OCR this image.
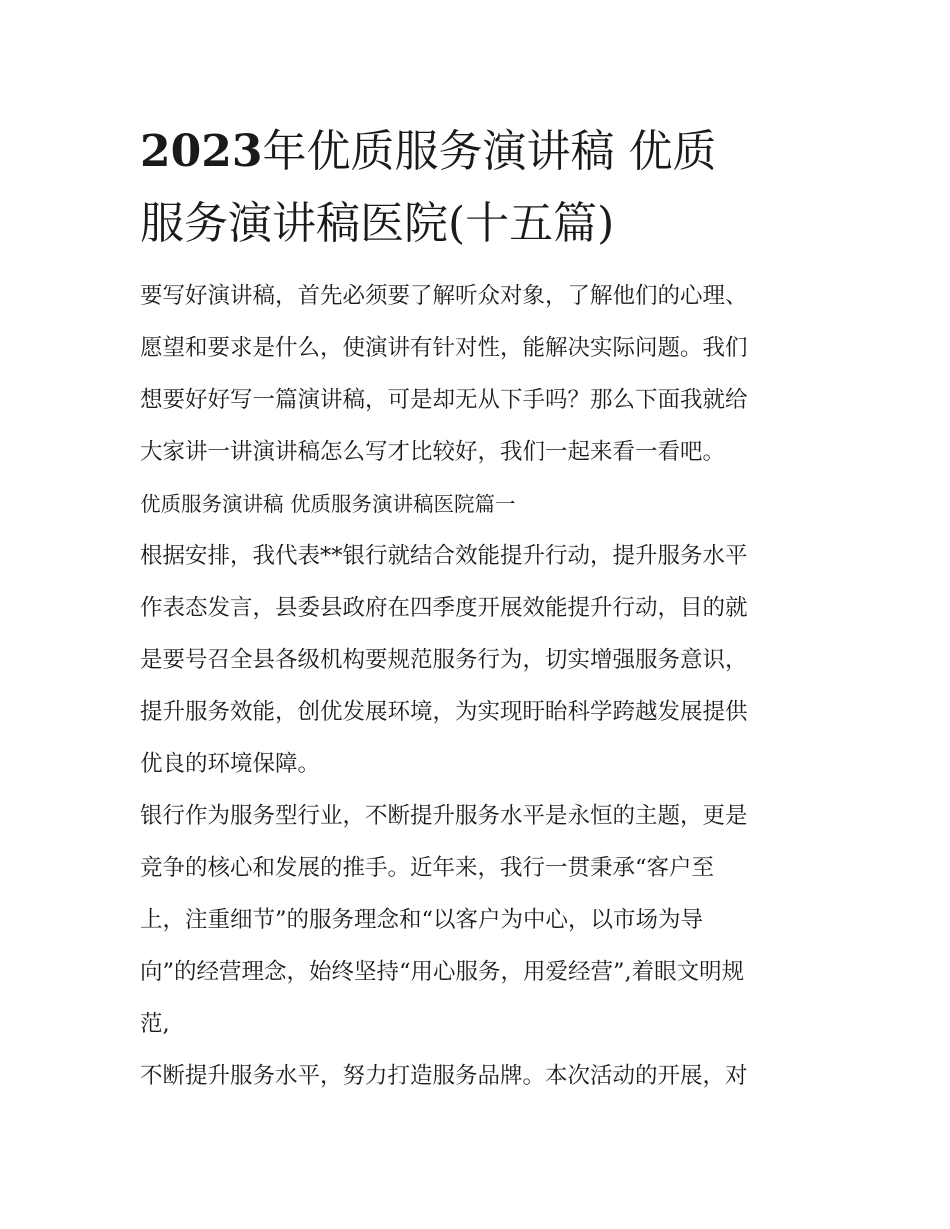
2023年优质服务演讲稿 优质
服务演讲稿医院(十五篇)
要写好演讲稿，首先必须要了解听众对象，了解他们的心理、
愿望和要求是什么，使演讲有针对性，能解决实际问题。我们
想要好好写一篇演讲稿，可是却无从下手吗？那么下面我就给
大家讲一讲演讲稿怎么写才比较好，我们一起来看一看吧。
优质服务演讲稿 优质服务演讲稿医院篇一
根据安排，我代表**银行就结合效能提升行动，提升服务水平
作表态发言，县委县政府在四季度开展效能提升行动，目的就
是要号召全县各级机构要规范服务行为，切实增强服务意识，
提升服务效能，创优发展环境，为实现盱眙科学跨越发展提供
优良的环境保障。
银行作为服务型行业，不断提升服务水平是永恒的主题，更是
竞争的核心和发展的推手。近年来，我行一贯秉承“客户至
上，注重细节”的服务理念和“以客户为中心，以市场为导
向”的经营理念，始终坚持“用心服务，用爱经营”,着眼文明规
范,
不断提升服务水平，努力打造服务品牌。本次活动的开展，对
